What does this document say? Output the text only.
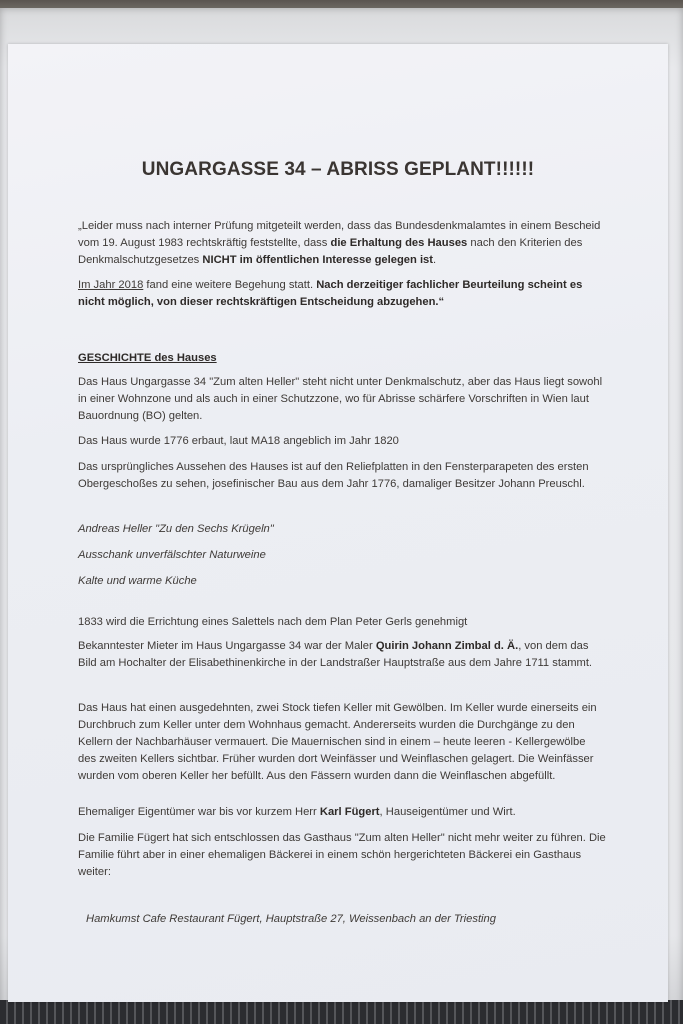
UNGARGASSE 34 – ABRISS GEPLANT!!!!!!
„Leider muss nach interner Prüfung mitgeteilt werden, dass das Bundesdenkmalamtes in einem Bescheid vom 19. August 1983 rechtskräftig feststellte, dass die Erhaltung des Hauses nach den Kriterien des Denkmalschutzgesetzes NICHT im öffentlichen Interesse gelegen ist.
Im Jahr 2018 fand eine weitere Begehung statt. Nach derzeitiger fachlicher Beurteilung scheint es nicht möglich, von dieser rechtskräftigen Entscheidung abzugehen.“
GESCHICHTE des Hauses
Das Haus Ungargasse 34 "Zum alten Heller" steht nicht unter Denkmalschutz, aber das Haus liegt sowohl in einer Wohnzone und als auch in einer Schutzzone, wo für Abrisse schärfere Vorschriften in Wien laut Bauordnung (BO) gelten.
Das Haus wurde 1776 erbaut, laut MA18 angeblich im Jahr 1820
Das ursprüngliches Aussehen des Hauses ist auf den Reliefplatten in den Fensterparapeten des ersten Obergeschoßes zu sehen, josefinischer Bau aus dem Jahr 1776, damaliger Besitzer Johann Preuschl.
Andreas Heller "Zu den Sechs Krügeln"
Ausschank unverfälschter Naturweine
Kalte und warme Küche
1833 wird die Errichtung eines Salettels nach dem Plan Peter Gerls genehmigt
Bekanntester Mieter im Haus Ungargasse 34 war der Maler Quirin Johann Zimbal d. Ä., von dem das Bild am Hochalter der Elisabethinenkirche in der Landstraßer Hauptstraße aus dem Jahre 1711 stammt.
Das Haus hat einen ausgedehnten, zwei Stock tiefen Keller mit Gewölben. Im Keller wurde einerseits ein Durchbruch zum Keller unter dem Wohnhaus gemacht. Andererseits wurden die Durchgänge zu den Kellern der Nachbarhäuser vermauert. Die Mauernischen sind in einem – heute leeren - Kellergewölbe des zweiten Kellers sichtbar. Früher wurden dort Weinfässer und Weinflaschen gelagert. Die Weinfässer wurden vom oberen Keller her befüllt. Aus den Fässern wurden dann die Weinflaschen abgefüllt.
Ehemaliger Eigentümer war bis vor kurzem Herr Karl Fügert, Hauseigentümer und Wirt.
Die Familie Fügert hat sich entschlossen das Gasthaus "Zum alten Heller" nicht mehr weiter zu führen. Die Familie führt aber in einer ehemaligen Bäckerei in einem schön hergerichteten Bäckerei ein Gasthaus weiter:
Hamkumst Cafe Restaurant Fügert, Hauptstraße 27, Weissenbach an der Triesting
